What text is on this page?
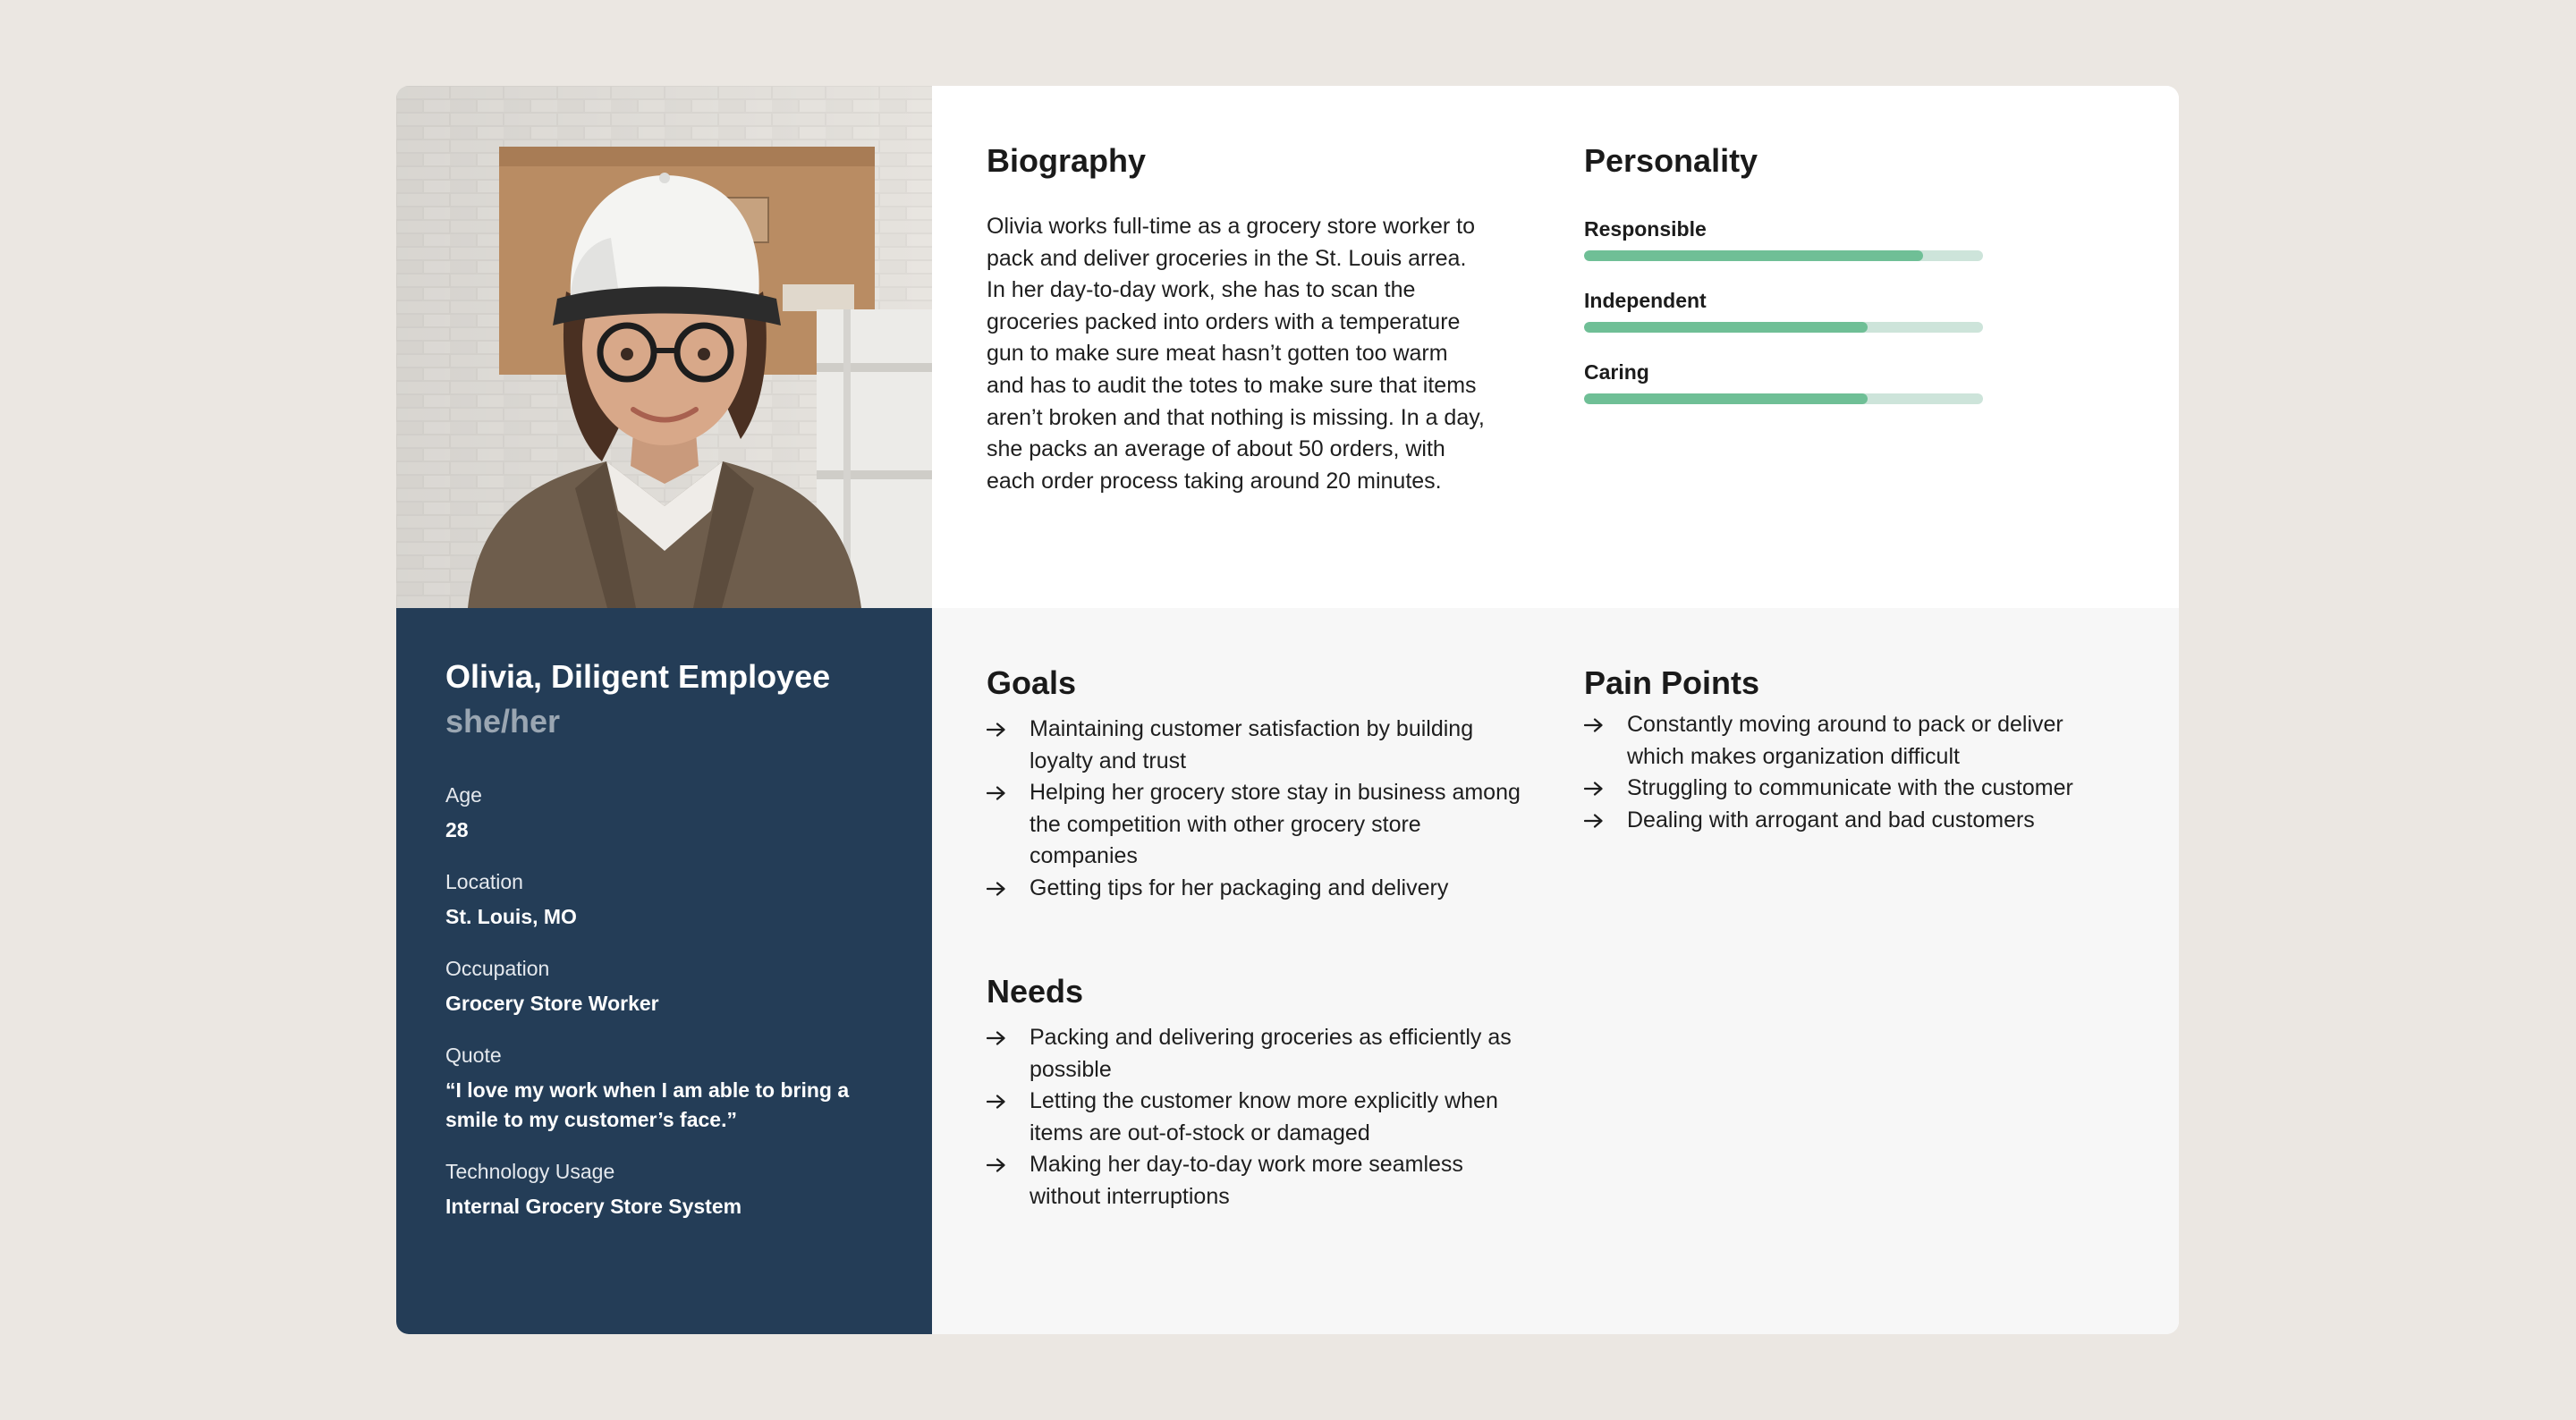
Biography
Olivia works full-time as a grocery store worker to pack and deliver groceries in the St. Louis arrea. In her day-to-day work, she has to scan the groceries packed into orders with a temperature gun to make sure meat hasn’t gotten too warm and has to audit the totes to make sure that items aren’t broken and that nothing is missing. In a day, she packs an average of about 50 orders, with each order process taking around 20 minutes.
Personality
Responsible
Independent
Caring

Olivia, Diligent Employee

she/her

Age
28
Location
St. Louis, MO
Occupation
Grocery Store Worker
Quote
“I love my work when I am able to bring a smile to my customer’s face.”
Technology Usage
Internal Grocery Store System
Goals
Maintaining customer satisfaction by building loyalty and trust
Helping her grocery store stay in business among the competition with other grocery store companies
Getting tips for her packaging and delivery
Needs
Packing and delivering groceries as efficiently as possible
Letting the customer know more explicitly when items are out-of-stock or damaged
Making her day-to-day work more seamless without interruptions
Pain Points
Constantly moving around to pack or deliver which makes organization difficult
Struggling to communicate with the customer
Dealing with arrogant and bad customers
